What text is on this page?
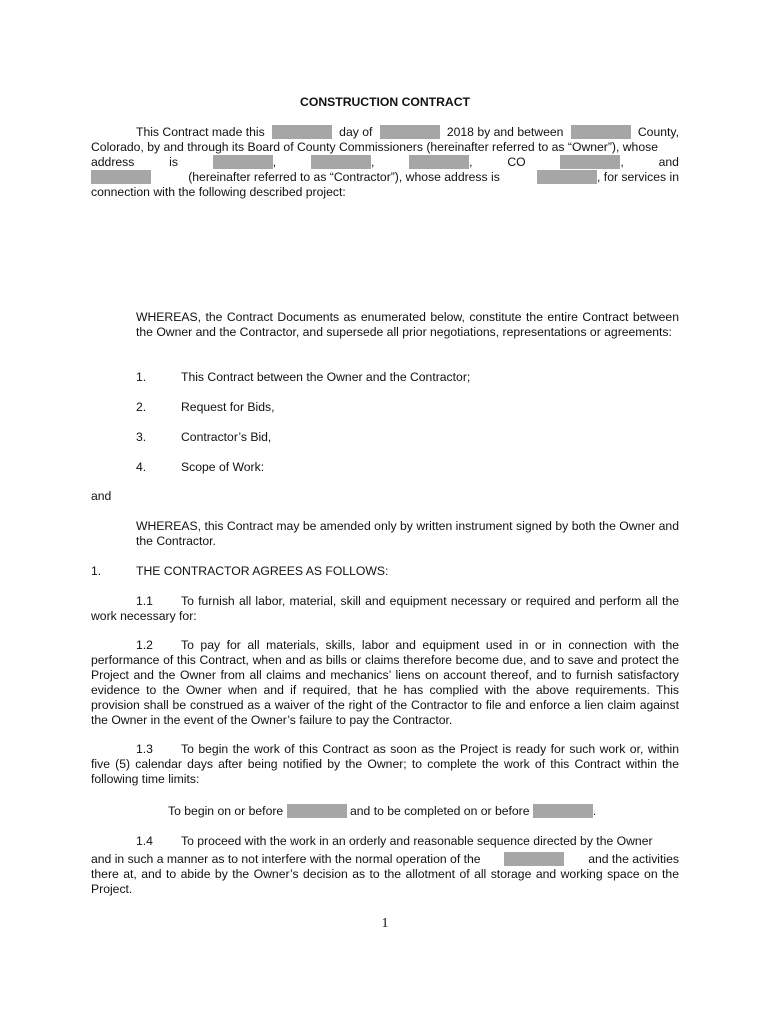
CONSTRUCTION CONTRACT
This Contract made this	day of	2018 by and between	County,
Colorado, by and through its Board of County Commissioners (hereinafter referred to as “Owner”), whose
address	is	,	,	,	CO	,	and
(hereinafter referred to as “Contractor”), whose address is	, for services in
connection with the following described project:
WHEREAS, the Contract Documents as enumerated below, constitute the entire Contract between the Owner and the Contractor, and supersede all prior negotiations, representations or agreements:
1.	This Contract between the Owner and the Contractor;
2.	Request for Bids,
3.	Contractor’s Bid,
4.	Scope of Work:
and
WHEREAS, this Contract may be amended only by written instrument signed by both the Owner and the Contractor.
1.	THE CONTRACTOR AGREES AS FOLLOWS:
1.1 To furnish all labor, material, skill and equipment necessary or required and perform all the work necessary for:
1.2 To pay for all materials, skills, labor and equipment used in or in connection with the performance of this Contract, when and as bills or claims therefore become due, and to save and protect the Project and the Owner from all claims and mechanics’ liens on account thereof, and to furnish satisfactory evidence to the Owner when and if required, that he has complied with the above requirements. This provision shall be construed as a waiver of the right of the Contractor to file and enforce a lien claim against the Owner in the event of the Owner’s failure to pay the Contractor.
1.3 To begin the work of this Contract as soon as the Project is ready for such work or, within five (5) calendar days after being notified by the Owner; to complete the work of this Contract within the following time limits:
To begin on or before	and to be completed on or before	.
1.4 To proceed with the work in an orderly and reasonable sequence directed by the Owner
and in such a manner as to not interfere with the normal operation of the	and the activities
there at, and to abide by the Owner’s decision as to the allotment of all storage and working space on the Project.
1
